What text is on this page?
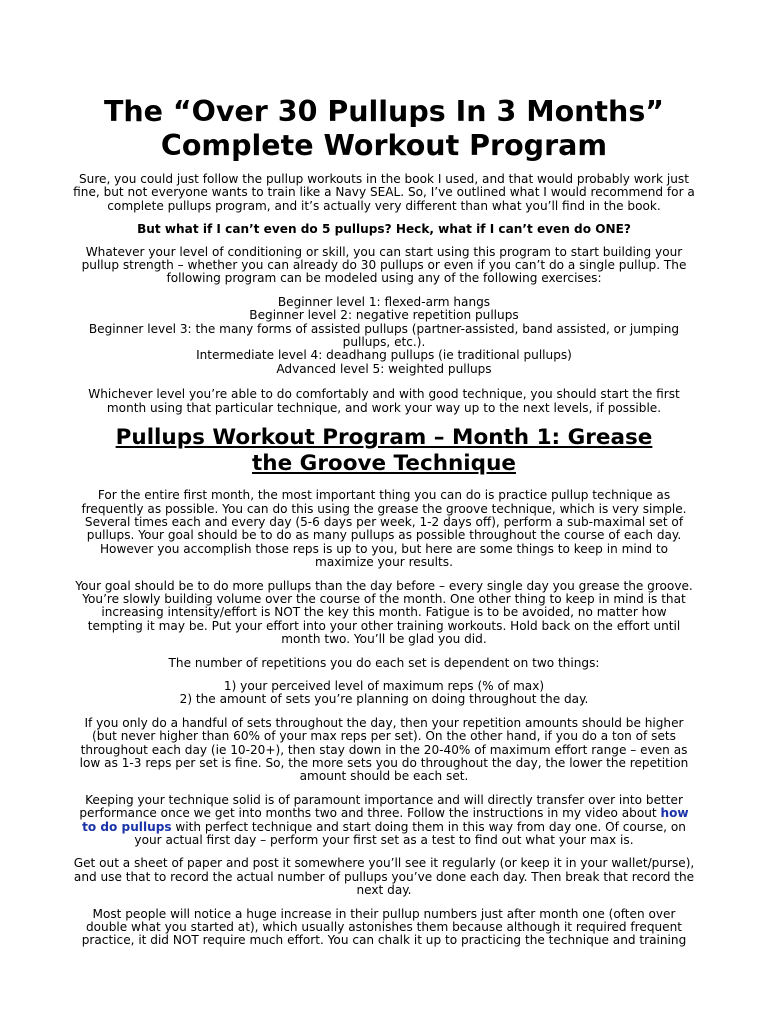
The “Over 30 Pullups In 3 Months”
Complete Workout Program

Sure, you could just follow the pullup workouts in the book I used, and that would probably work just fine, but not everyone wants to train like a Navy SEAL. So, I’ve outlined what I would recommend for a complete pullups program, and it’s actually very different than what you’ll find in the book.

But what if I can’t even do 5 pullups? Heck, what if I can’t even do ONE?

Whatever your level of conditioning or skill, you can start using this program to start building your pullup strength – whether you can already do 30 pullups or even if you can’t do a single pullup. The following program can be modeled using any of the following exercises:

Beginner level 1: flexed-arm hangs
Beginner level 2: negative repetition pullups
Beginner level 3: the many forms of assisted pullups (partner-assisted, band assisted, or jumping pullups, etc.).
Intermediate level 4: deadhang pullups (ie traditional pullups)
Advanced level 5: weighted pullups

Whichever level you’re able to do comfortably and with good technique, you should start the first month using that particular technique, and work your way up to the next levels, if possible.

Pullups Workout Program – Month 1: Grease
the Groove Technique

For the entire first month, the most important thing you can do is practice pullup technique as frequently as possible. You can do this using the grease the groove technique, which is very simple. Several times each and every day (5-6 days per week, 1-2 days off), perform a sub-maximal set of pullups. Your goal should be to do as many pullups as possible throughout the course of each day. However you accomplish those reps is up to you, but here are some things to keep in mind to maximize your results.

Your goal should be to do more pullups than the day before – every single day you grease the groove. You’re slowly building volume over the course of the month. One other thing to keep in mind is that increasing intensity/effort is NOT the key this month. Fatigue is to be avoided, no matter how tempting it may be. Put your effort into your other training workouts. Hold back on the effort until month two. You’ll be glad you did.

The number of repetitions you do each set is dependent on two things:

1) your perceived level of maximum reps (% of max)
2) the amount of sets you’re planning on doing throughout the day.

If you only do a handful of sets throughout the day, then your repetition amounts should be higher (but never higher than 60% of your max reps per set). On the other hand, if you do a ton of sets throughout each day (ie 10-20+), then stay down in the 20-40% of maximum effort range – even as low as 1-3 reps per set is fine. So, the more sets you do throughout the day, the lower the repetition amount should be each set.

Keeping your technique solid is of paramount importance and will directly transfer over into better performance once we get into months two and three. Follow the instructions in my video about how to do pullups with perfect technique and start doing them in this way from day one. Of course, on your actual first day – perform your first set as a test to find out what your max is.

Get out a sheet of paper and post it somewhere you’ll see it regularly (or keep it in your wallet/purse), and use that to record the actual number of pullups you’ve done each day. Then break that record the next day.

Most people will notice a huge increase in their pullup numbers just after month one (often over double what you started at), which usually astonishes them because although it required frequent practice, it did NOT require much effort. You can chalk it up to practicing the technique and training
